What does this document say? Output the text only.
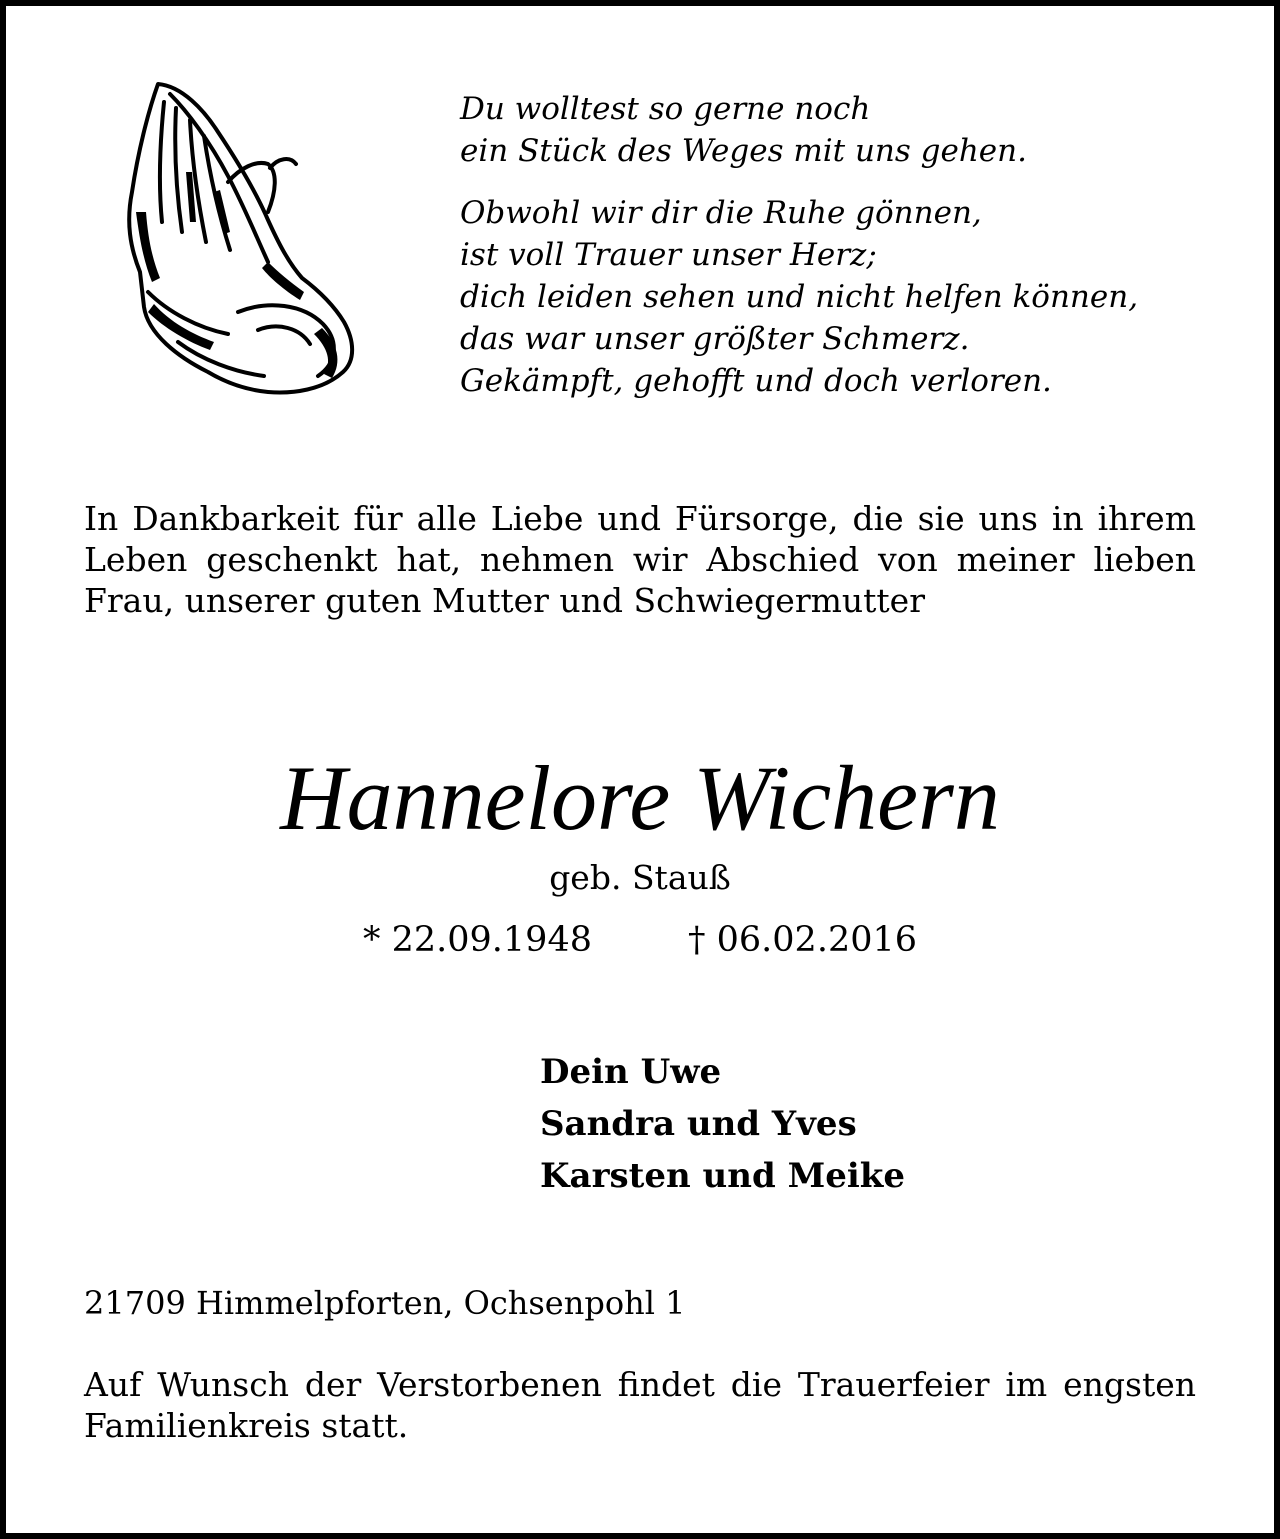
Du wolltest so gerne noch
ein Stück des Weges mit uns gehen.
Obwohl wir dir die Ruhe gönnen,
ist voll Trauer unser Herz;
dich leiden sehen und nicht helfen können,
das war unser größter Schmerz.
Gekämpft, gehofft und doch verloren.
In Dankbarkeit für alle Liebe und Fürsorge, die sie uns in ihrem Leben geschenkt hat, nehmen wir Abschied von meiner lieben Frau, unserer guten Mutter und Schwiegermutter
Hannelore Wichern
geb. Stauß
* 22.09.1948	† 06.02.2016
Dein Uwe
Sandra und Yves
Karsten und Meike
21709 Himmelpforten, Ochsenpohl 1
Auf Wunsch der Verstorbenen findet die Trauerfeier im engsten Familienkreis statt.
